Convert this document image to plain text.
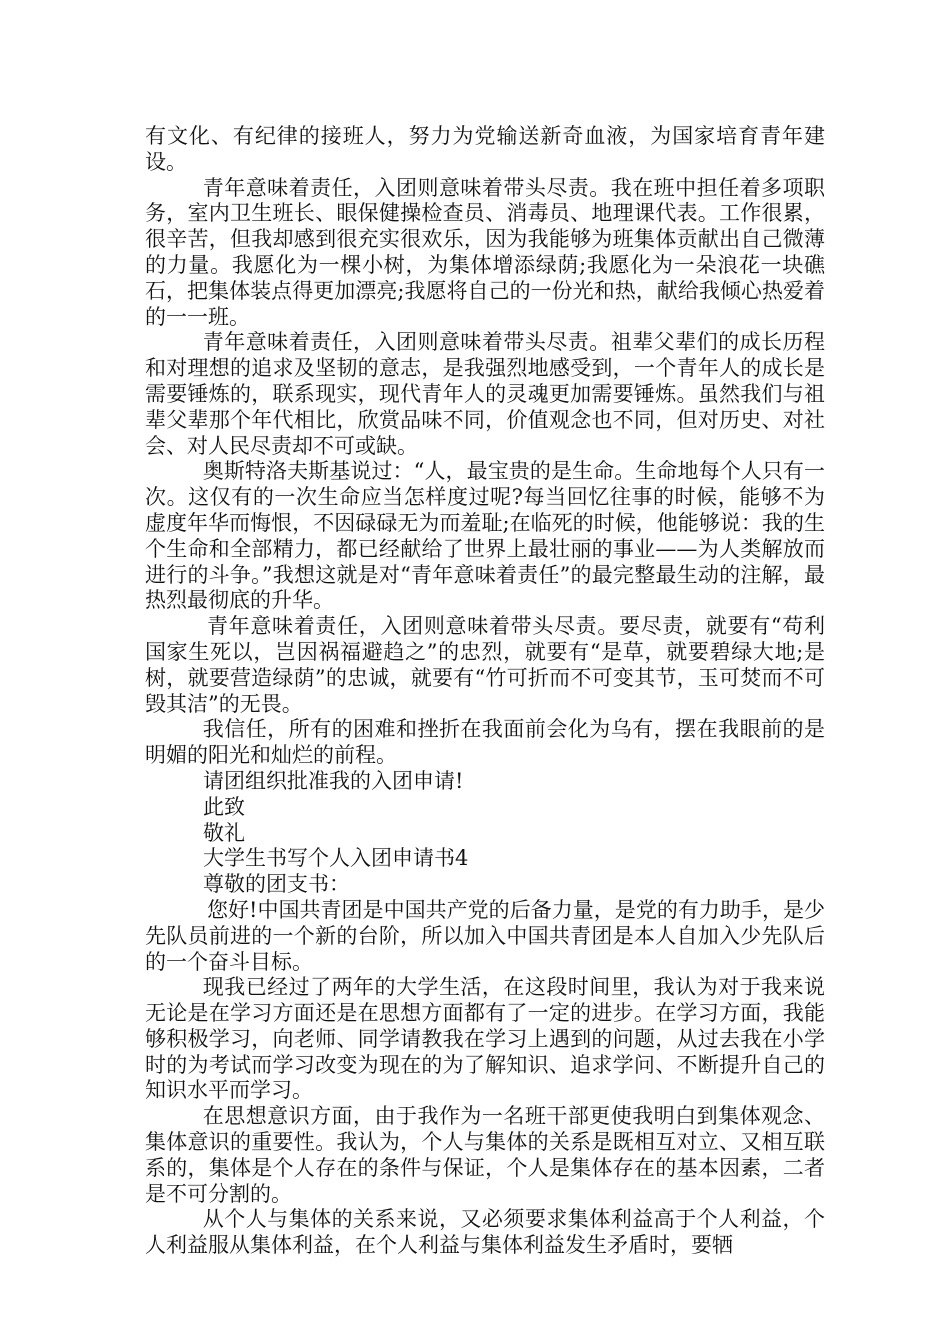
有文化、有纪律的接班人，努力为党输送新奇血液，为国家培育青年建设。

青年意味着责任，入团则意味着带头尽责。我在班中担任着多项职务，室内卫生班长、眼保健操检查员、消毒员、地理课代表。工作很累，很辛苦，但我却感到很充实很欢乐，因为我能够为班集体贡献出自己微薄的力量。我愿化为一棵小树，为集体增添绿荫;我愿化为一朵浪花一块礁石，把集体装点得更加漂亮;我愿将自己的一份光和热，献给我倾心热爱着的一一班。

青年意味着责任，入团则意味着带头尽责。祖辈父辈们的成长历程和对理想的追求及坚韧的意志，是我强烈地感受到，一个青年人的成长是需要锤炼的，联系现实，现代青年人的灵魂更加需要锤炼。虽然我们与祖辈父辈那个年代相比，欣赏品味不同，价值观念也不同，但对历史、对社会、对人民尽责却不可或缺。

奥斯特洛夫斯基说过：“人，最宝贵的是生命。生命地每个人只有一次。这仅有的一次生命应当怎样度过呢?每当回忆往事的时候，能够不为虚度年华而悔恨，不因碌碌无为而羞耻;在临死的时候，他能够说：我的生个生命和全部精力，都已经献给了世界上最壮丽的事业——为人类解放而进行的斗争。”我想这就是对“青年意味着责任”的最完整最生动的注解，最热烈最彻底的升华。

青年意味着责任，入团则意味着带头尽责。要尽责，就要有“苟利国家生死以，岂因祸福避趋之”的忠烈，就要有“是草，就要碧绿大地;是树，就要营造绿荫”的忠诚，就要有“竹可折而不可变其节，玉可焚而不可毁其洁”的无畏。

我信任，所有的困难和挫折在我面前会化为乌有，摆在我眼前的是明媚的阳光和灿烂的前程。

请团组织批准我的入团申请!

此致

敬礼

大学生书写个人入团申请书4

尊敬的团支书：

您好!中国共青团是中国共产党的后备力量，是党的有力助手，是少先队员前进的一个新的台阶，所以加入中国共青团是本人自加入少先队后的一个奋斗目标。

现我已经过了两年的大学生活，在这段时间里，我认为对于我来说无论是在学习方面还是在思想方面都有了一定的进步。在学习方面，我能够积极学习，向老师、同学请教我在学习上遇到的问题，从过去我在小学时的为考试而学习改变为现在的为了解知识、追求学问、不断提升自己的知识水平而学习。

在思想意识方面，由于我作为一名班干部更使我明白到集体观念、集体意识的重要性。我认为，个人与集体的关系是既相互对立、又相互联系的，集体是个人存在的条件与保证，个人是集体存在的基本因素，二者是不可分割的。

从个人与集体的关系来说，又必须要求集体利益高于个人利益，个人利益服从集体利益，在个人利益与集体利益发生矛盾时，要牺
